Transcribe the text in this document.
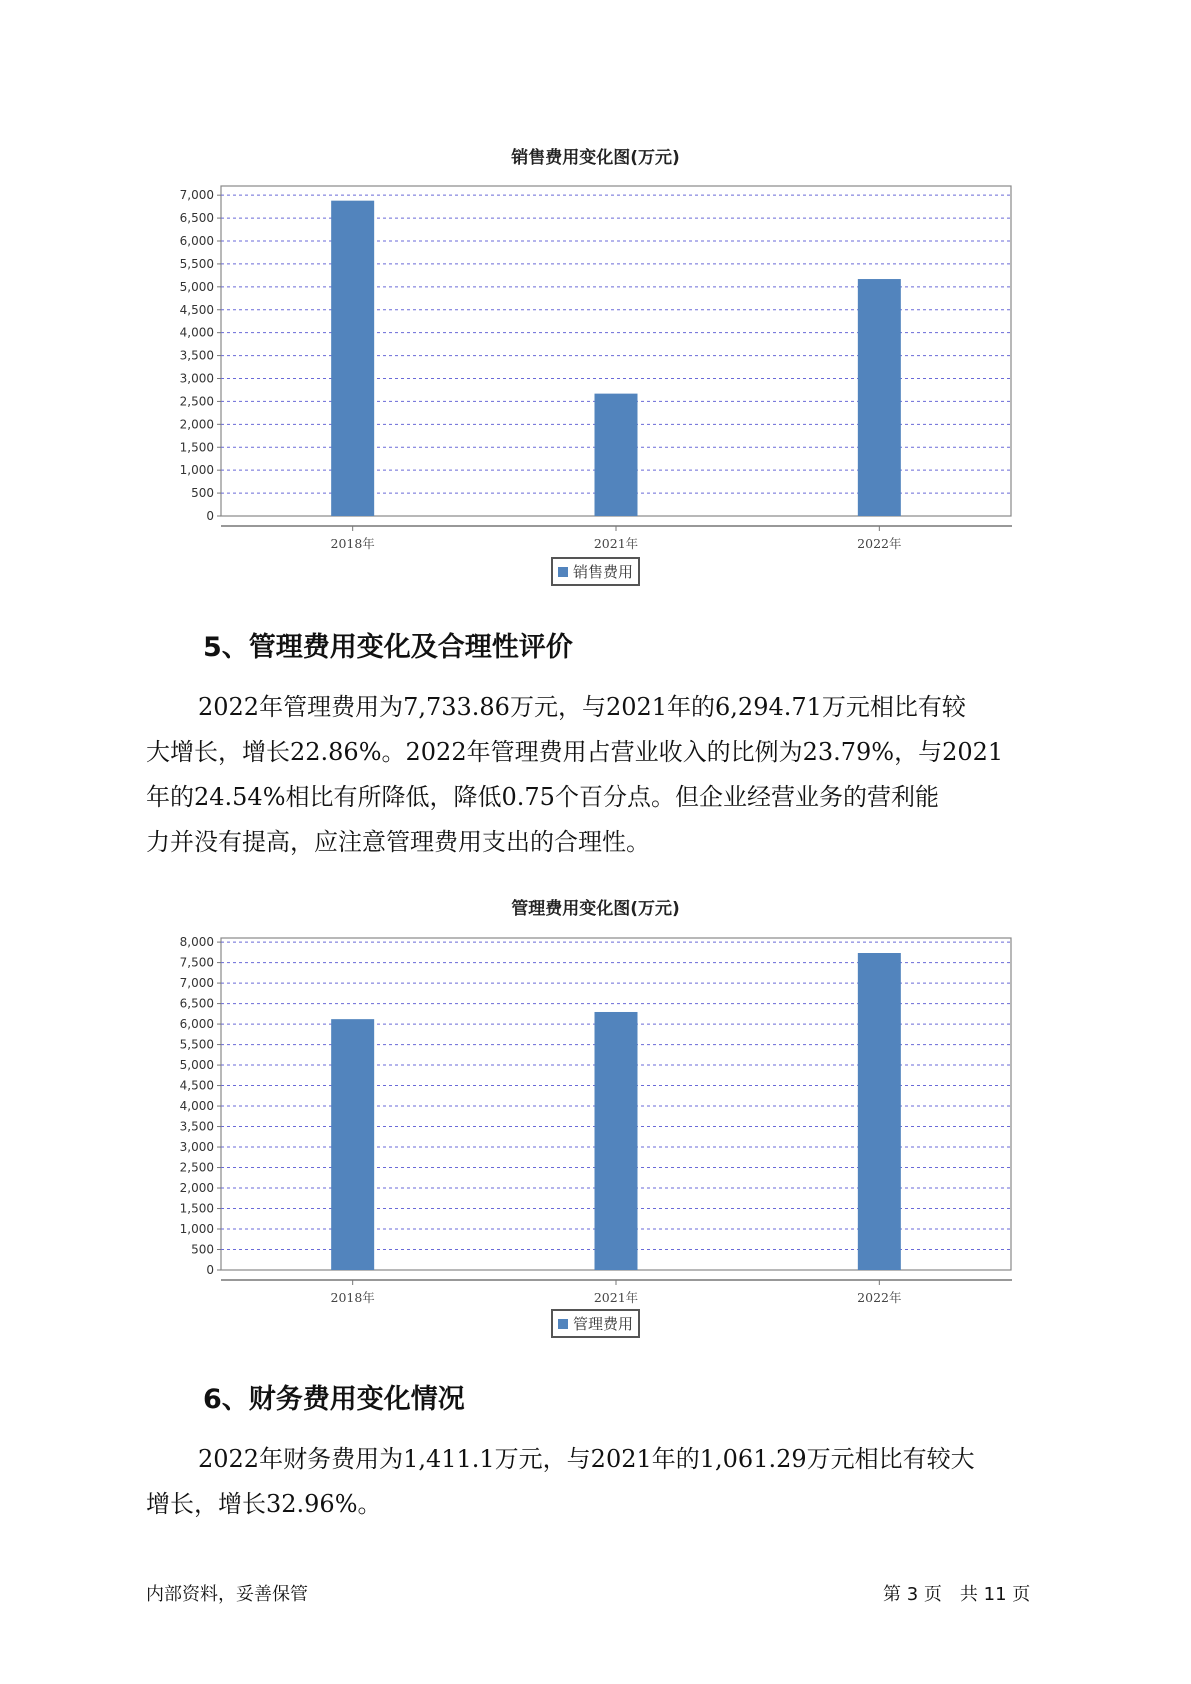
销售费用变化图(万元)
0
500
1,000
1,500
2,000
2,500
3,000
3,500
4,000
4,500
5,000
5,500
6,000
6,500
7,000
2018年	2021年	2022年
销售费用
5、管理费用变化及合理性评价
2022年管理费用为7,733.86万元，与2021年的6,294.71万元相比有较
大增长，增长22.86%。2022年管理费用占营业收入的比例为23.79%，与2021
年的24.54%相比有所降低，降低0.75个百分点。但企业经营业务的营利能
力并没有提高，应注意管理费用支出的合理性。
管理费用变化图(万元)
0
500
1,000
1,500
2,000
2,500
3,000
3,500
4,000
4,500
5,000
5,500
6,000
6,500
7,000
7,500
8,000
2018年	2021年	2022年
管理费用
6、财务费用变化情况
2022年财务费用为1,411.1万元，与2021年的1,061.29万元相比有较大
增长，增长32.96%。
内部资料，妥善保管	第 3 页　共 11 页
